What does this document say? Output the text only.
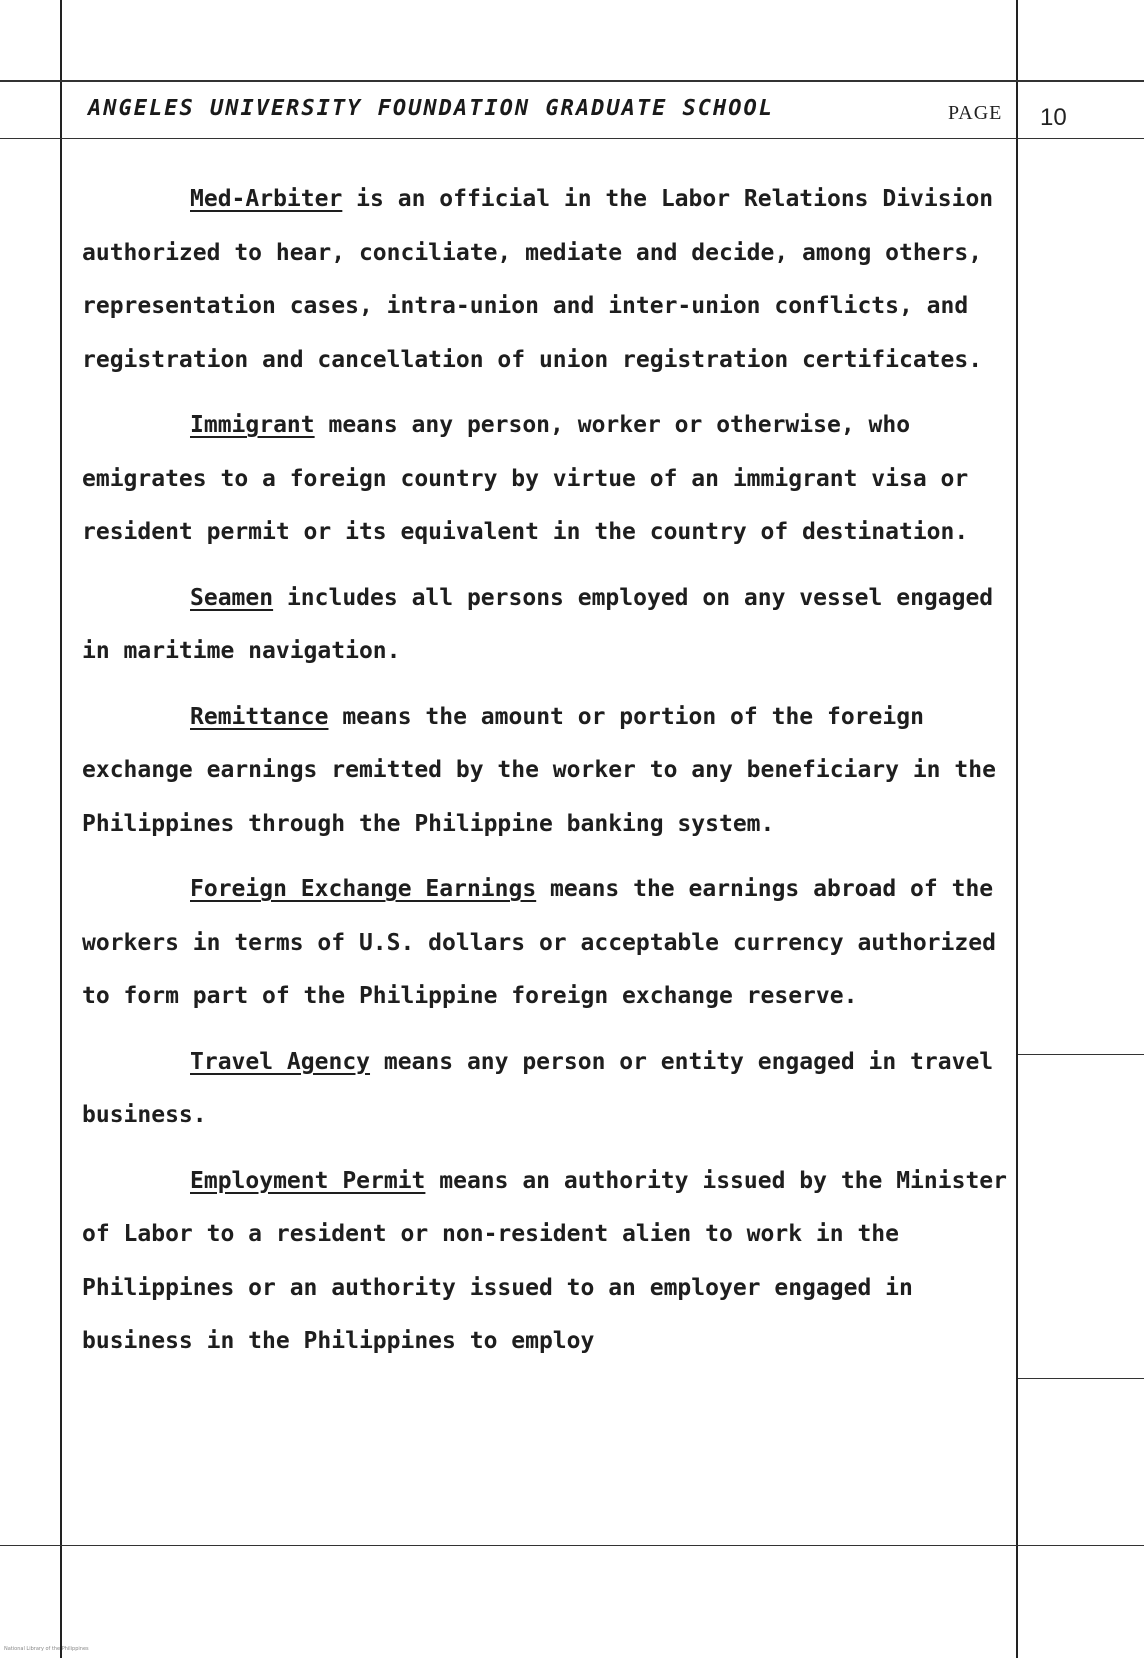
ANGELES UNIVERSITY FOUNDATION GRADUATE SCHOOL	PAGE 10

Med-Arbiter is an official in the Labor Relations Division authorized to hear, conciliate, mediate and decide, among others, representation cases, intra-union and inter-union conflicts, and registration and cancellation of union registration certificates.

Immigrant means any person, worker or otherwise, who emigrates to a foreign country by virtue of an immigrant visa or resident permit or its equivalent in the country of destination.

Seamen includes all persons employed on any vessel engaged in maritime navigation.

Remittance means the amount or portion of the foreign exchange earnings remitted by the worker to any beneficiary in the Philippines through the Philippine banking system.

Foreign Exchange Earnings means the earnings abroad of the workers in terms of U.S. dollars or acceptable currency authorized to form part of the Philippine foreign exchange reserve.

Travel Agency means any person or entity engaged in travel business.

Employment Permit means an authority issued by the Minister of Labor to a resident or non-resident alien to work in the Philippines or an authority issued to an employer engaged in business in the Philippines to employ

National Library of the Philippines
